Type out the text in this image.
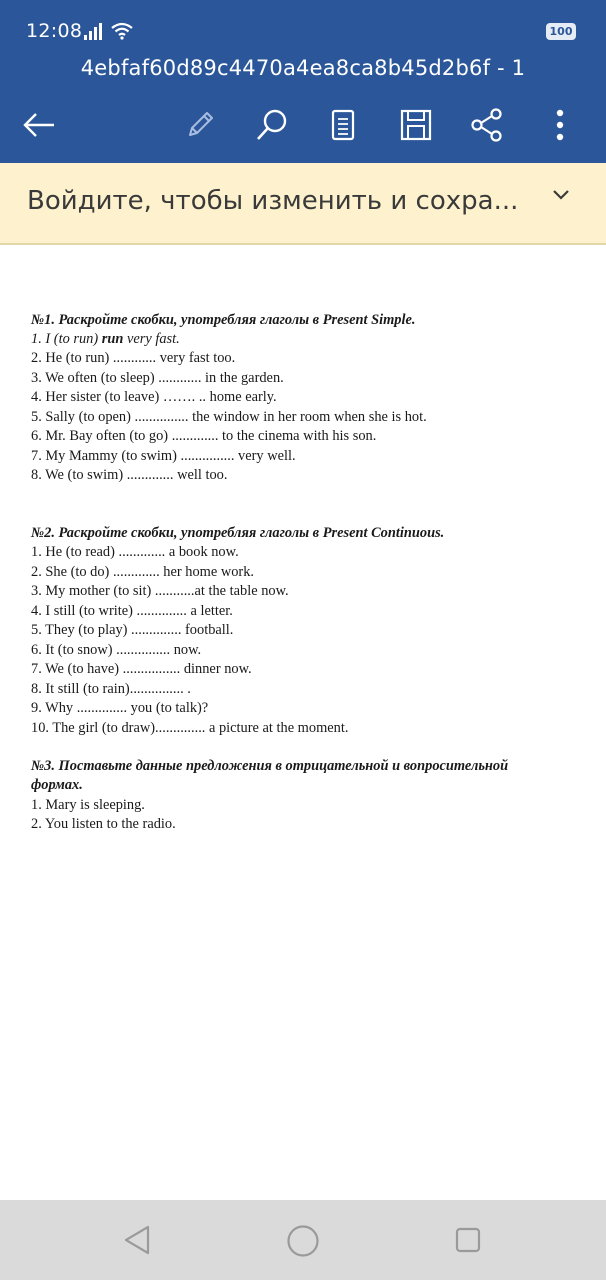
12:08	100
4ebfaf60d89c4470a4ea8ca8b45d2b6f - 1
Войдите, чтобы изменить и сохра...
№1. Раскройте скобки, употребляя глаголы в Present Simple.
1. I (to run) run very fast.
2. He (to run) ............ very fast too.
3. We often (to sleep) ............ in the garden.
4. Her sister (to leave) ……. .. home early.
5. Sally (to open) ............... the window in her room when she is hot.
6. Mr. Bay often (to go) ............. to the cinema with his son.
7. My Mammy (to swim) ............... very well.
8. We (to swim) ............. well too.
№2. Раскройте скобки, употребляя глаголы в Present Continuous.
1. He (to read) ............. a book now.
2. She (to do) ............. her home work.
3. My mother (to sit) ...........at the table now.
4. I still (to write) .............. a letter.
5. They (to play) .............. football.
6. It (to snow) ............... now.
7. We (to have) ................ dinner now.
8. It still (to rain)............... .
9. Why .............. you (to talk)?
10. The girl (to draw).............. a picture at the moment.
№3. Поставьте данные предложения в отрицательной и вопросительной
формах.
1. Mary is sleeping.
2. You listen to the radio.
